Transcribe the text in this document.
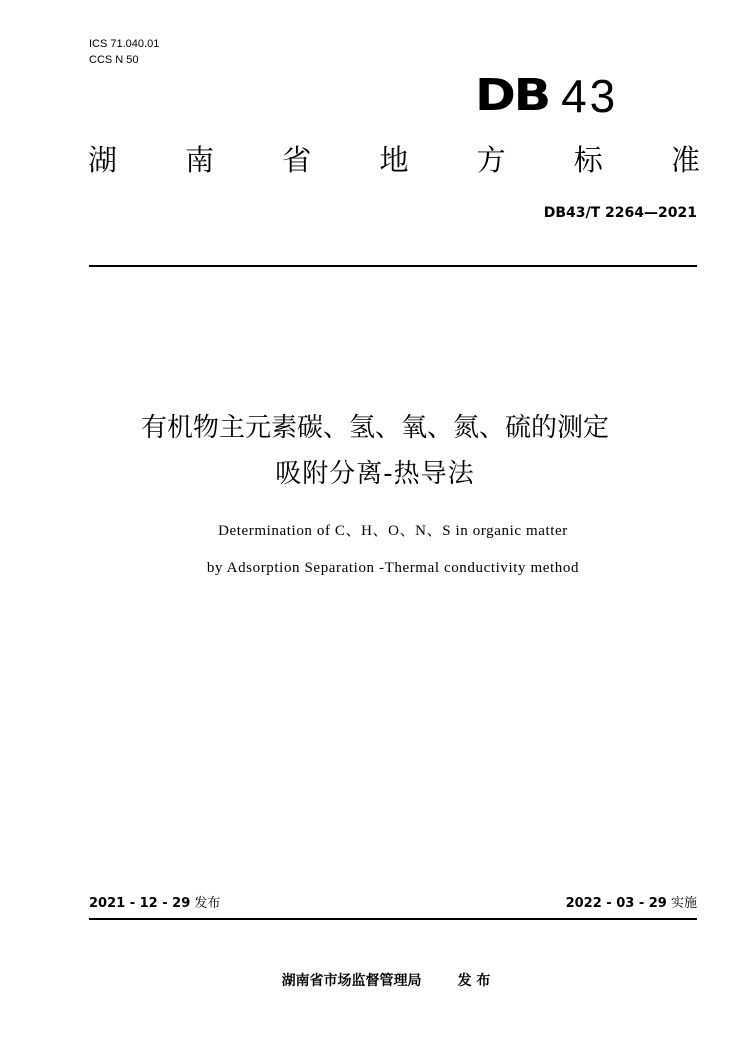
ICS 71.040.01
CCS N 50
DB 43
湖 南 省 地 方 标 准
DB43/T 2264—2021
有机物主元素碳、氢、氧、氮、硫的测定
吸附分离-热导法
Determination of C、H、O、N、S in organic matter
by Adsorption Separation -Thermal conductivity method
2021 - 12 - 29 发布	2022 - 03 - 29 实施
湖南省市场监督管理局	发 布
